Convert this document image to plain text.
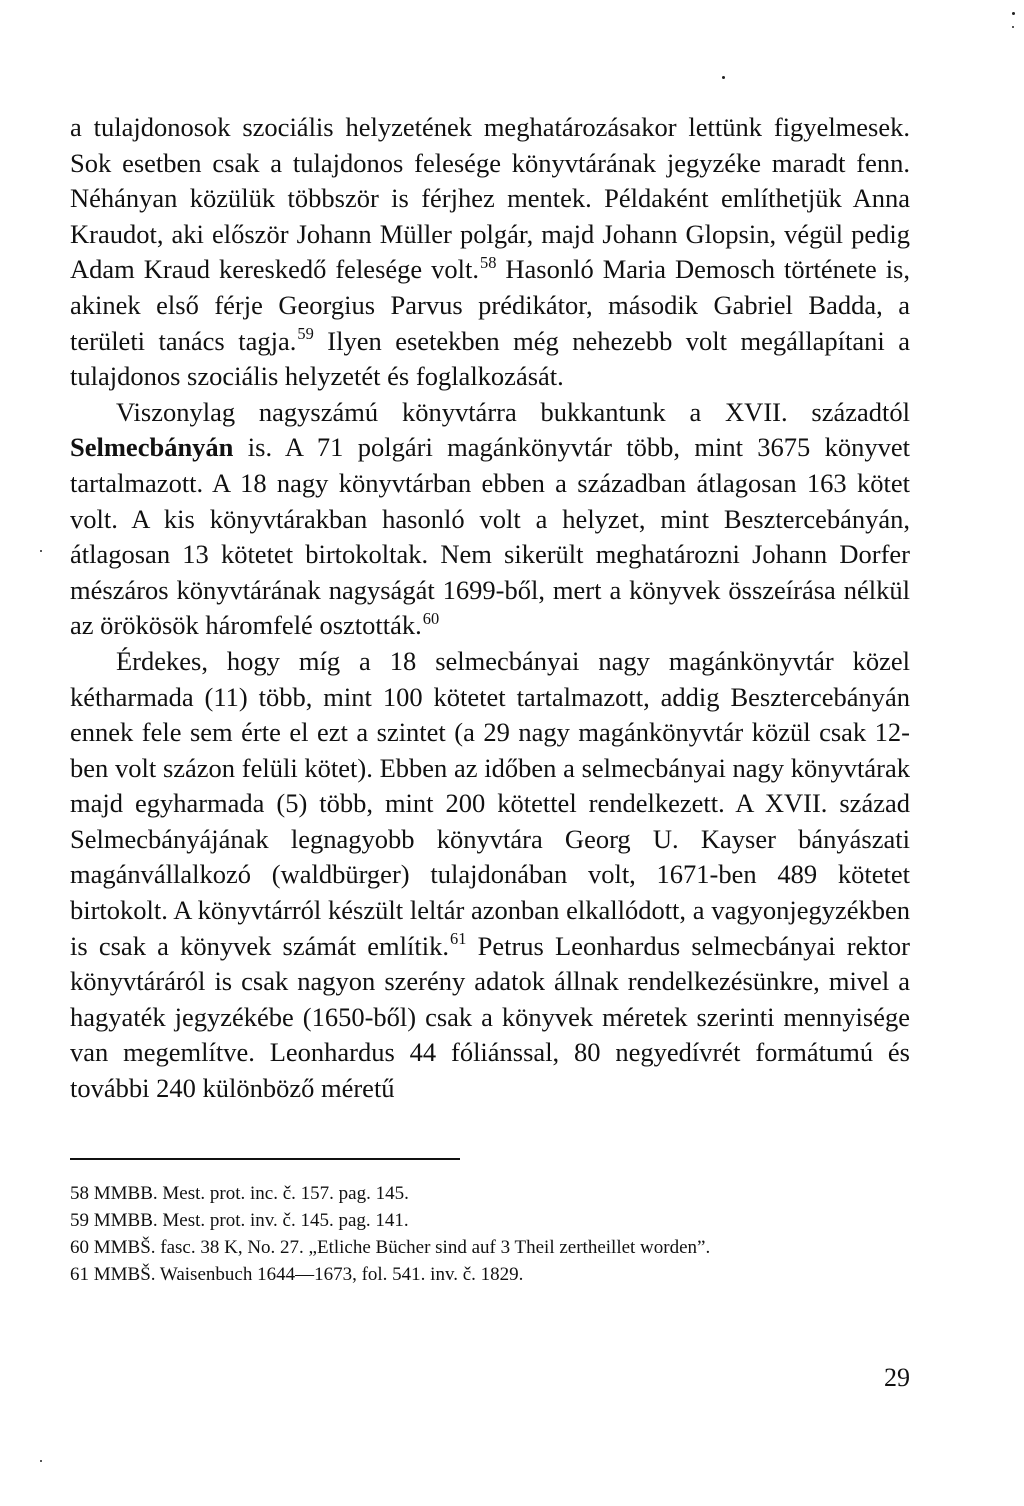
a tulajdonosok szociális helyzetének meghatározásakor lettünk figyelmesek. Sok esetben csak a tulajdonos felesége könyvtárának jegyzéke maradt fenn. Néhányan közülük többször is férjhez mentek. Példaként említhetjük Anna Kraudot, aki először Johann Müller polgár, majd Johann Glopsin, végül pedig Adam Kraud kereskedő felesége volt.$^{58}$ Hasonló Maria Demosch története is, akinek első férje Georgius Parvus prédikátor, második Gabriel Badda, a területi tanács tagja.$^{59}$ Ilyen esetekben még nehezebb volt megállapítani a tulajdonos szociális helyzetét és foglalkozását.

Viszonylag nagyszámú könyvtárra bukkantunk a XVII. századtól Selmecbányán is. A 71 polgári magánkönyvtár több, mint 3675 könyvet tartalmazott. A 18 nagy könyvtárban ebben a században átlagosan 163 kötet volt. A kis könyvtárakban hasonló volt a helyzet, mint Besztercebányán, átlagosan 13 kötetet birtokoltak. Nem sikerült meghatározni Johann Dorfer mészáros könyvtárának nagyságát 1699-ből, mert a könyvek összeírása nélkül az örökösök háromfelé osztották.$^{60}$

Érdekes, hogy míg a 18 selmecbányai nagy magánkönyvtár közel kétharmada (11) több, mint 100 kötetet tartalmazott, addig Besztercebányán ennek fele sem érte el ezt a szintet (a 29 nagy magánkönyvtár közül csak 12-ben volt százon felüli kötet). Ebben az időben a selmecbányai nagy könyvtárak majd egyharmada (5) több, mint 200 kötettel rendelkezett. A XVII. század Selmecbányájának legnagyobb könyvtára Georg U. Kayser bányászati magánvállalkozó (waldbürger) tulajdonában volt, 1671-ben 489 kötetet birtokolt. A könyvtárról készült leltár azonban elkallódott, a vagyonjegyzékben is csak a könyvek számát említik.$^{61}$ Petrus Leonhardus selmecbányai rektor könyvtáráról is csak nagyon szerény adatok állnak rendelkezésünkre, mivel a hagyaték jegyzékébe (1650-ből) csak a könyvek méretek szerinti mennyisége van megemlítve. Leonhardus 44 fóliánssal, 80 negyedívrét formátumú és további 240 különböző méretű

58 MMBB. Mest. prot. inc. č. 157. pag. 145.

59 MMBB. Mest. prot. inv. č. 145. pag. 141.

60 MMBŠ. fasc. 38 K, No. 27. „Etliche Bücher sind auf 3 Theil zertheillet worden”.

61 MMBŠ. Waisenbuch 1644—1673, fol. 541. inv. č. 1829.

29
